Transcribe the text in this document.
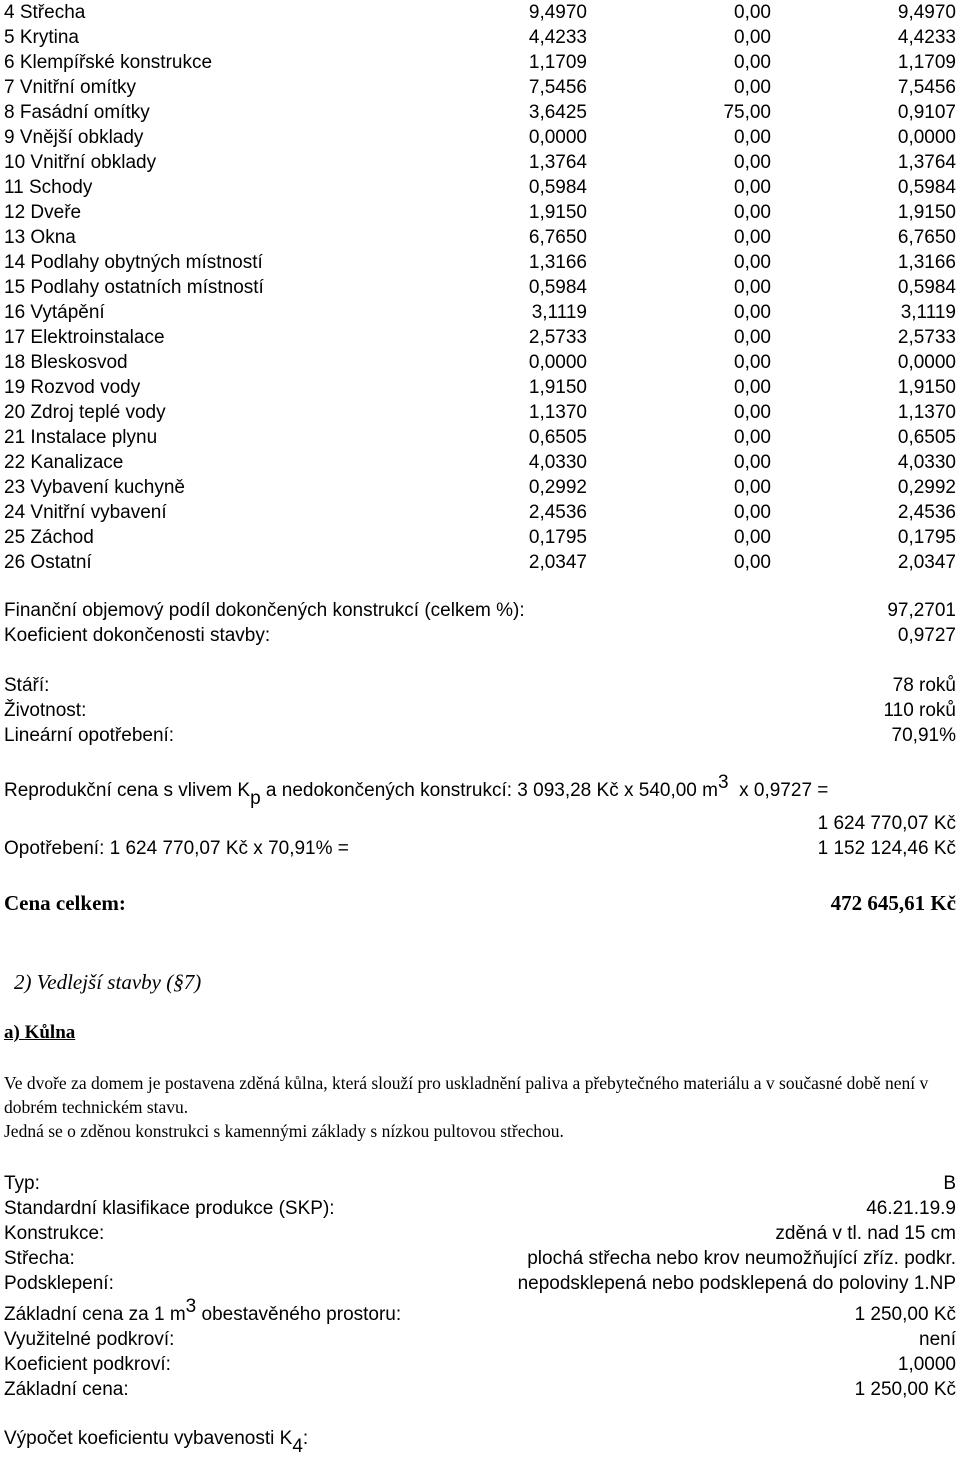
4 Střecha	9,4970	0,00	9,4970
5 Krytina	4,4233	0,00	4,4233
6 Klempířské konstrukce	1,1709	0,00	1,1709
7 Vnitřní omítky	7,5456	0,00	7,5456
8 Fasádní omítky	3,6425	75,00	0,9107
9 Vnější obklady	0,0000	0,00	0,0000
10 Vnitřní obklady	1,3764	0,00	1,3764
11 Schody	0,5984	0,00	0,5984
12 Dveře	1,9150	0,00	1,9150
13 Okna	6,7650	0,00	6,7650
14 Podlahy obytných místností	1,3166	0,00	1,3166
15 Podlahy ostatních místností	0,5984	0,00	0,5984
16 Vytápění	3,1119	0,00	3,1119
17 Elektroinstalace	2,5733	0,00	2,5733
18 Bleskosvod	0,0000	0,00	0,0000
19 Rozvod vody	1,9150	0,00	1,9150
20 Zdroj teplé vody	1,1370	0,00	1,1370
21 Instalace plynu	0,6505	0,00	0,6505
22 Kanalizace	4,0330	0,00	4,0330
23 Vybavení kuchyně	0,2992	0,00	0,2992
24 Vnitřní vybavení	2,4536	0,00	2,4536
25 Záchod	0,1795	0,00	0,1795
26 Ostatní	2,0347	0,00	2,0347
Finanční objemový podíl dokončených konstrukcí (celkem %):	97,2701
Koeficient dokončenosti stavby:	0,9727
Stáří:	78 roků
Životnost:	110 roků
Lineární opotřebení:	70,91%
Reprodukční cena s vlivem $K_p$ a nedokončených konstrukcí: 3 093,28 Kč x 540,00 $m^3$  x 0,9727 =
1 624 770,07 Kč
Opotřebení: 1 624 770,07 Kč x 70,91% =	1 152 124,46 Kč
Cena celkem:	472 645,61 Kč
2) Vedlejší stavby (§7)
a) Kůlna

Ve dvoře za domem je postavena zděná kůlna, která slouží pro uskladnění paliva a přebytečného materiálu a v současné době není v dobrém technickém stavu.

Jedná se o zděnou konstrukci s kamennými základy s nízkou pultovou střechou.

Typ:	B
Standardní klasifikace produkce (SKP):	46.21.19.9
Konstrukce:	zděná v tl. nad 15 cm
Střecha:	plochá střecha nebo krov neumožňující zříz. podkr.
Podsklepení:	nepodsklepená nebo podsklepená do poloviny 1.NP
Základní cena za 1 $m^3$ obestavěného prostoru:	1 250,00 Kč
Využitelné podkroví:	není
Koeficient podkroví:	1,0000
Základní cena:	1 250,00 Kč
Výpočet koeficientu vybavenosti $K_4$:
